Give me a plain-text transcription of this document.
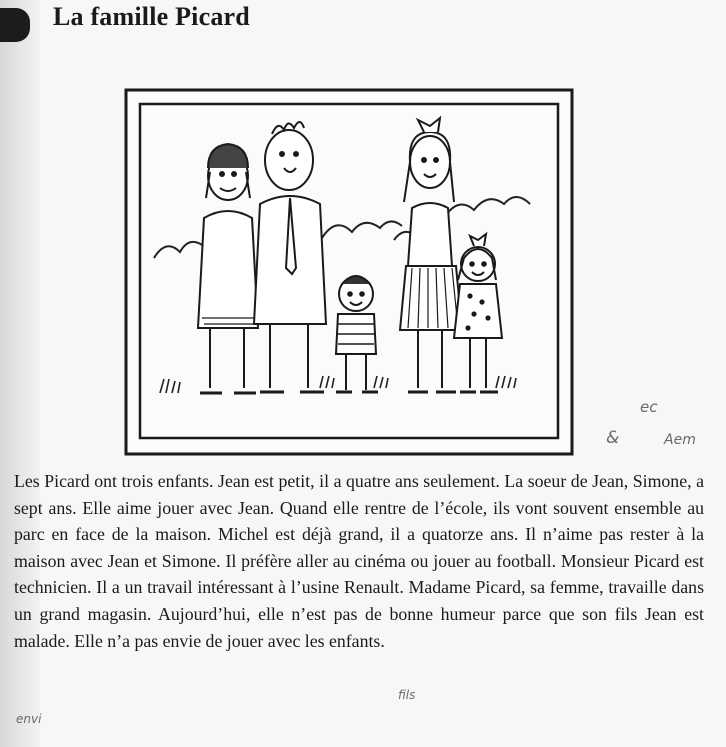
La famille Picard

Les Picard ont trois enfants. Jean est petit, il a quatre ans seulement. La soeur de Jean, Simone, a sept ans. Elle aime jouer avec Jean. Quand elle rentre de l’école, ils vont souvent ensemble au parc en face de la maison. Michel est déjà grand, il a quatorze ans. Il n’aime pas rester à la maison avec Jean et Simone. Il préfère aller au cinéma ou jouer au football. Monsieur Picard est technicien. Il a un travail intéressant à l’usine Renault. Madame Picard, sa femme, travaille dans un grand magasin. Aujourd’hui, elle n’est pas de bonne humeur parce que son fils Jean est malade. Elle n’a pas envie de jouer avec les enfants.

ec
&	Aem
fils
envi
